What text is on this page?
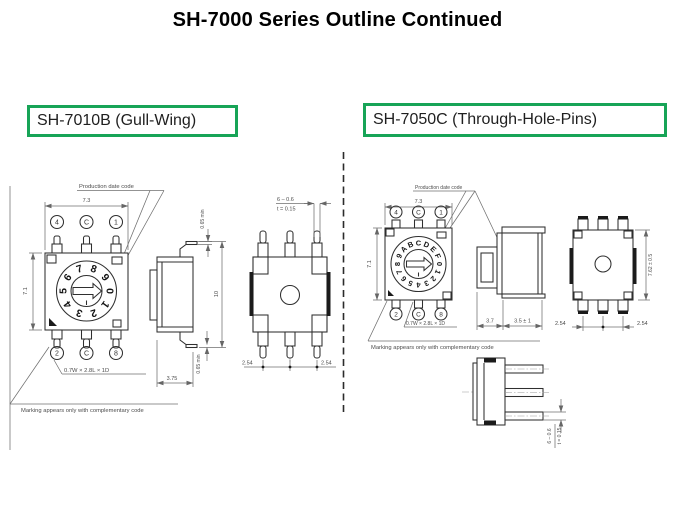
SH-7000 Series Outline Continued
SH-7010B (Gull-Wing)	SH-7050C (Through-Hole-Pins)
7.3
7.1
Production date code
4	C	1
0
1
2
3
4
5
6
7 8
9
2	C	8
0.7W × 2.8L × 1D
Marking appears only with complementary code
0.65 min
10
0.65 min
3.75
6 – 0.6
t = 0.15
2.54	2.54
7.3
Production date code
7.1
4	C	1
0
1
2
3
4
5
6
7
8
9
A
B C D
E
F
2	C	8
0.7W × 2.8L × 1D
Marking appears only with complementary code
3.7	3.5 ± 1
7.62 ± 0.5
2.54	2.54
6 – 0.6 t = 0.15
